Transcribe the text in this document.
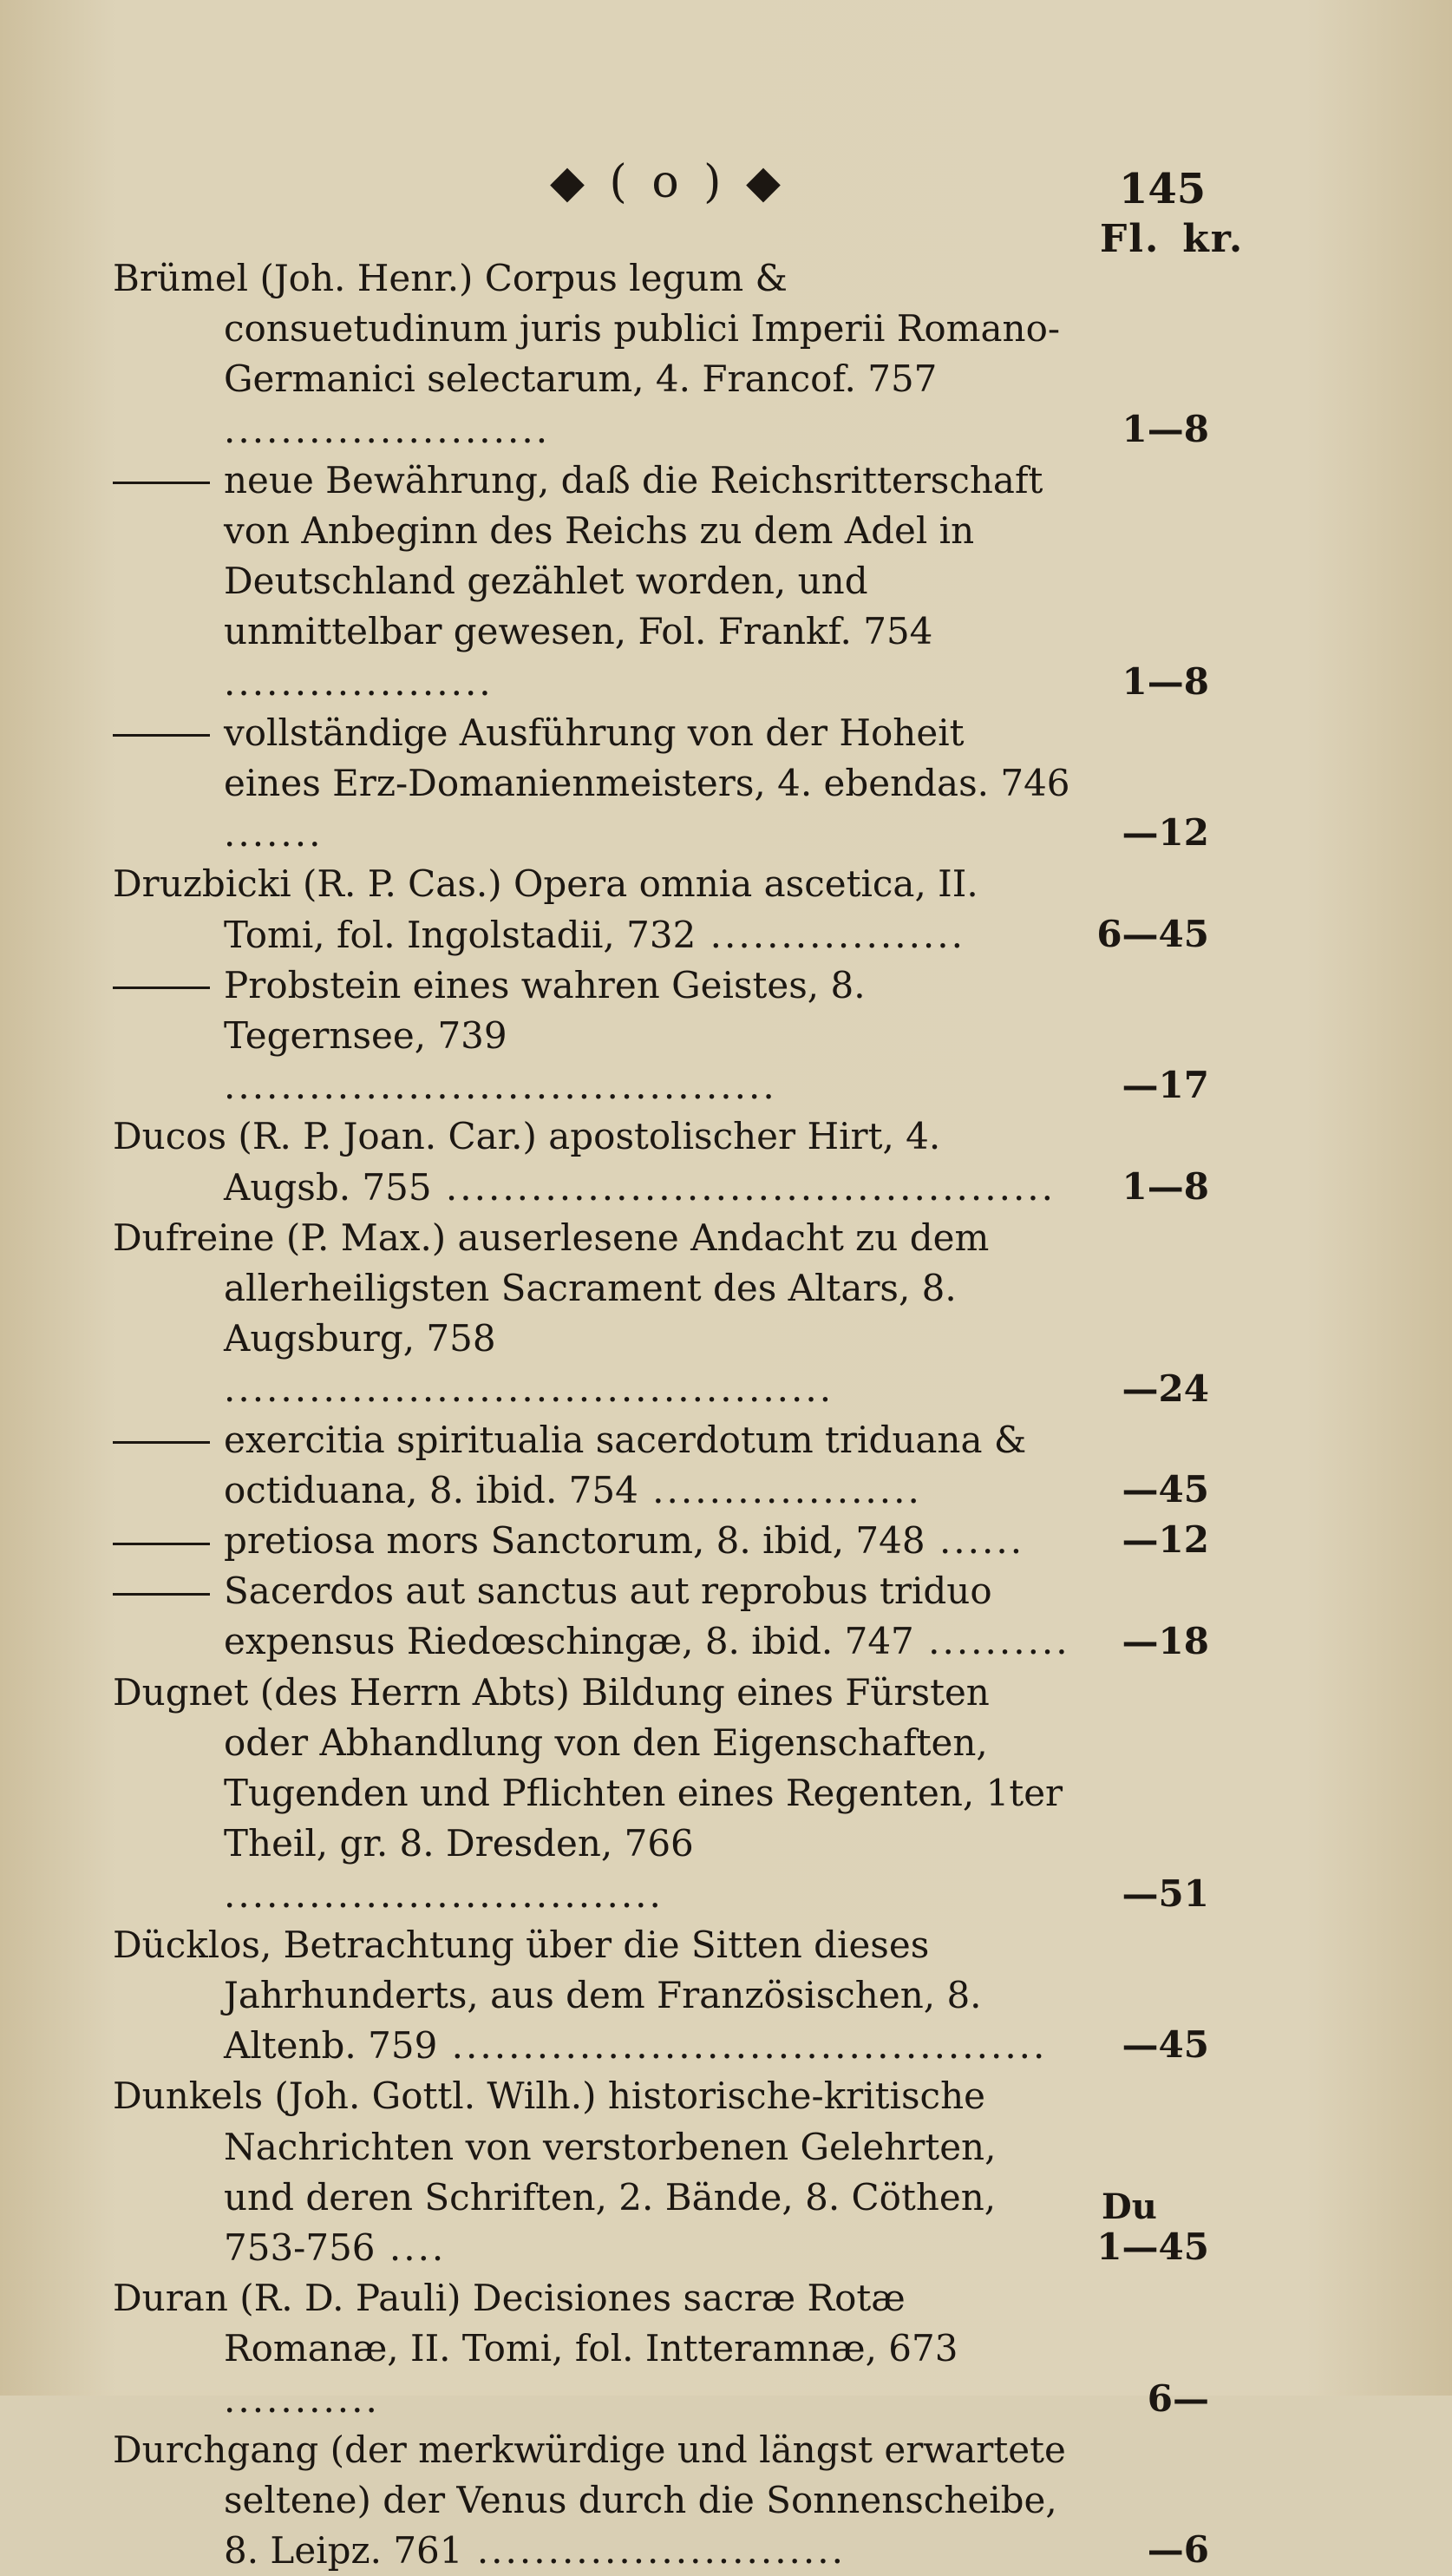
◆ ( o ) ◆	145
Fl. kr.
Brümel (Joh. Henr.) Corpus legum & consuetudinum juris publici Imperii Romano-Germanici selectarum, 4. Francof. 757 .......................	1—8
neue Bewährung, daß die Reichsritterschaft von Anbeginn des Reichs zu dem Adel in Deutschland gezählet worden, und unmittelbar gewesen, Fol. Frankf. 754 ...................	1—8
vollständige Ausführung von der Hoheit eines Erz-Domanienmeisters, 4. ebendas. 746 .......	—12
Druzbicki (R. P. Cas.) Opera omnia ascetica, II. Tomi, fol. Ingolstadii, 732 ..................	6—45
Probstein eines wahren Geistes, 8. Tegernsee, 739 .......................................	—17
Ducos (R. P. Joan. Car.) apostolischer Hirt, 4. Augsb. 755 ...........................................	1—8
Dufreine (P. Max.) auserlesene Andacht zu dem allerheiligsten Sacrament des Altars, 8. Augsburg, 758 ...........................................	—24
exercitia spiritualia sacerdotum triduana & octiduana, 8. ibid. 754 ...................	—45
pretiosa mors Sanctorum, 8. ibid, 748 ......	—12
Sacerdos aut sanctus aut reprobus triduo expensus Riedœschingæ, 8. ibid. 747 .......... —18
Dugnet (des Herrn Abts) Bildung eines Fürsten oder Abhandlung von den Eigenschaften, Tugenden und Pflichten eines Regenten, 1ter Theil, gr. 8. Dresden, 766 ...............................	—51
Dücklos, Betrachtung über die Sitten dieses Jahrhunderts, aus dem Französischen, 8. Altenb. 759 ..........................................	—45
Dunkels (Joh. Gottl. Wilh.) historische-kritische Nachrichten von verstorbenen Gelehrten, und deren Schriften, 2. Bände, 8. Cöthen, 753-756 ....	1—45
Duran (R. D. Pauli) Decisiones sacræ Rotæ Romanæ, II. Tomi, fol. Intteramnæ, 673 ...........	6—
Durchgang (der merkwürdige und längst erwartete seltene) der Venus durch die Sonnenscheibe, 8. Leipz. 761 ..........................	—6
Du
